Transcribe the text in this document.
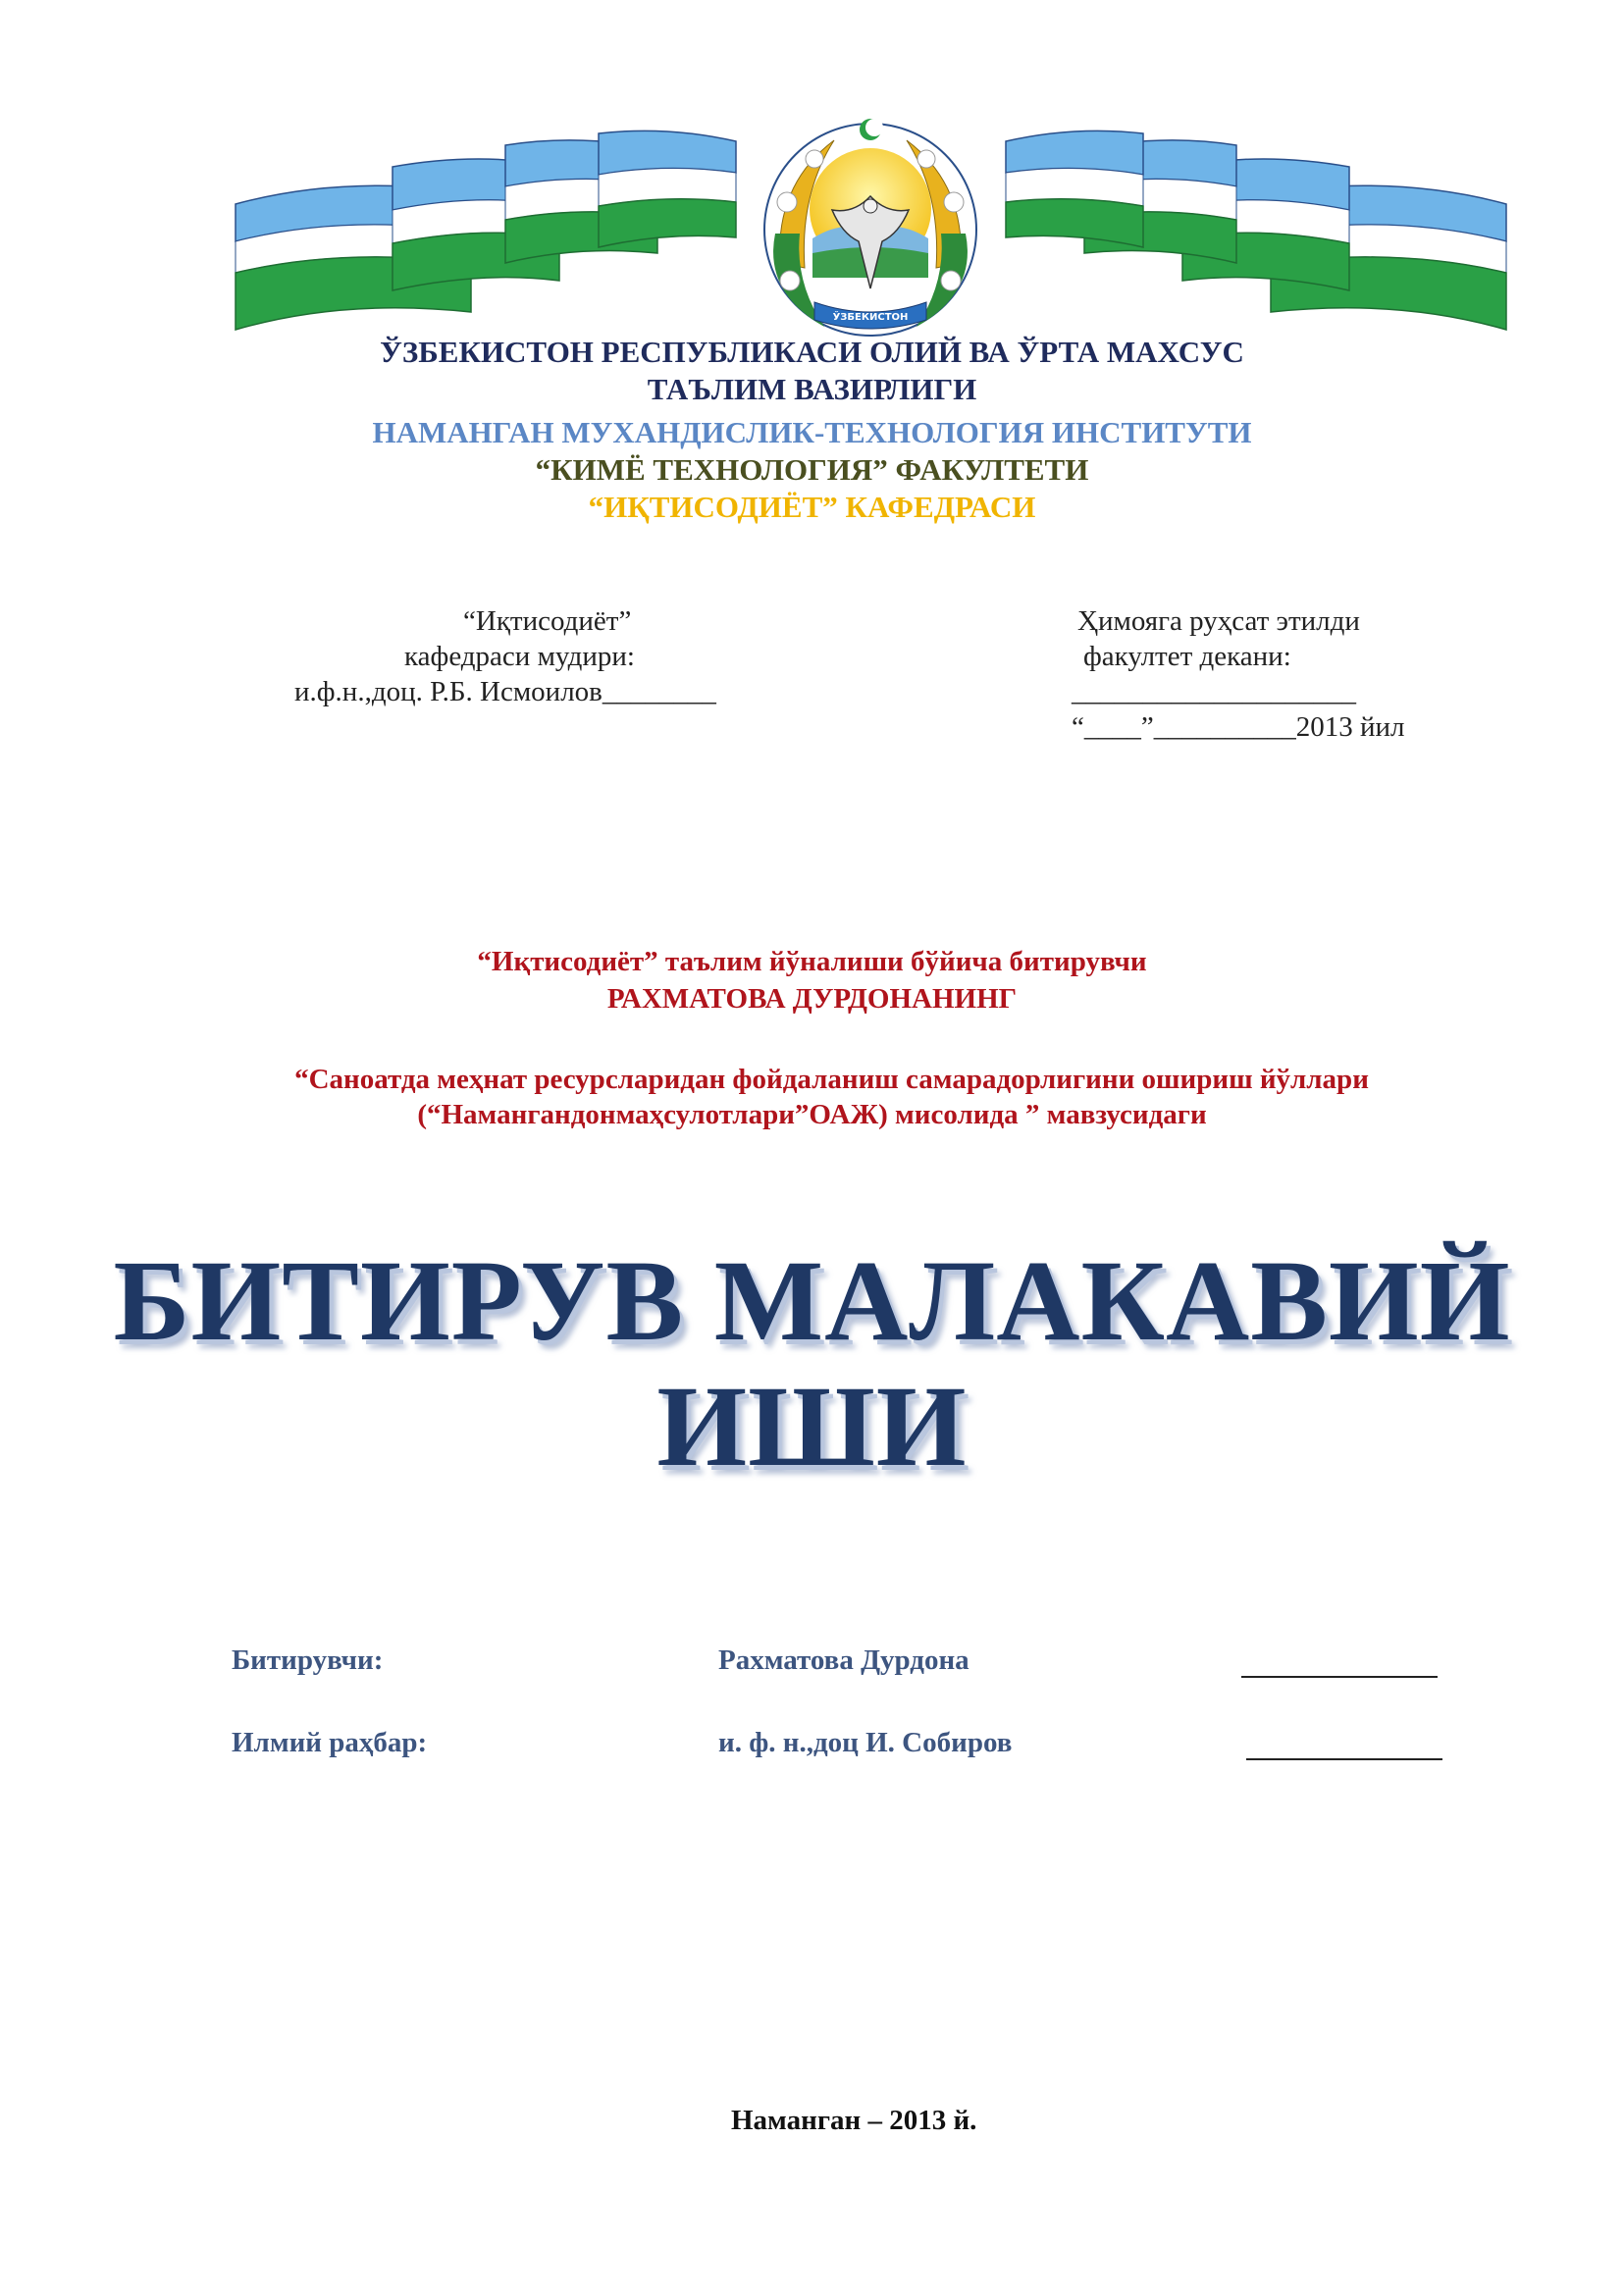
ЎЗБЕКИСТОН
ЎЗБЕКИСТОН РЕСПУБЛИКАСИ ОЛИЙ ВА ЎРТА МАХСУС ТАЪЛИМ ВАЗИРЛИГИ
НАМАНГАН МУХАНДИСЛИК-ТЕХНОЛОГИЯ ИНСТИТУТИ
“КИМЁ ТЕХНОЛОГИЯ” ФАКУЛТЕТИ
“ИҚТИСОДИЁТ” КАФЕДРАСИ
“Иқтисодиёт”
кафедраси мудири:
и.ф.н.,доц. Р.Б. Исмоилов________
Ҳимояга руҳсат этилди
факултет декани:
____________________
“____”__________2013 йил
“Иқтисодиёт” таълим йўналиши бўйича битирувчи
РАХМАТОВА ДУРДОНАНИНГ
“Саноатда меҳнат ресурсларидан фойдаланиш самарадорлигини ошириш йўллари
(“Намангандонмаҳсулотлари”ОАЖ) мисолида ” мавзусидаги
БИТИРУВ МАЛАКАВИЙ
ИШИ
Битирувчи:	Рахматова Дурдона
Илмий раҳбар:	и. ф. н.,доц И. Собиров
Наманган – 2013 й.
